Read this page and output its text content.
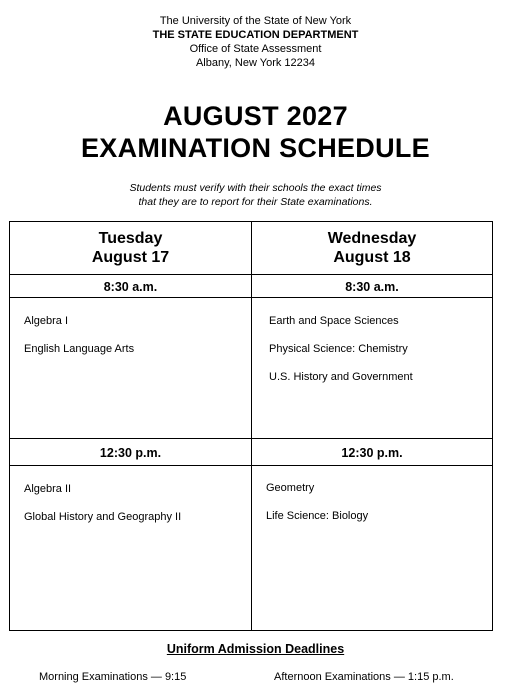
The University of the State of New York
THE STATE EDUCATION DEPARTMENT
Office of State Assessment
Albany, New York 12234
AUGUST 2027
EXAMINATION SCHEDULE
Students must verify with their schools the exact times
that they are to report for their State examinations.
Tuesday
August 17
8:30 a.m.
Algebra I
English Language Arts
12:30 p.m.
Algebra II
Global History and Geography II
Wednesday
August 18
8:30 a.m.
Earth and Space Sciences
Physical Science: Chemistry
U.S. History and Government
12:30 p.m.
Geometry
Life Science: Biology
Uniform Admission Deadlines
Morning Examinations — 9:15	Afternoon Examinations — 1:15 p.m.
